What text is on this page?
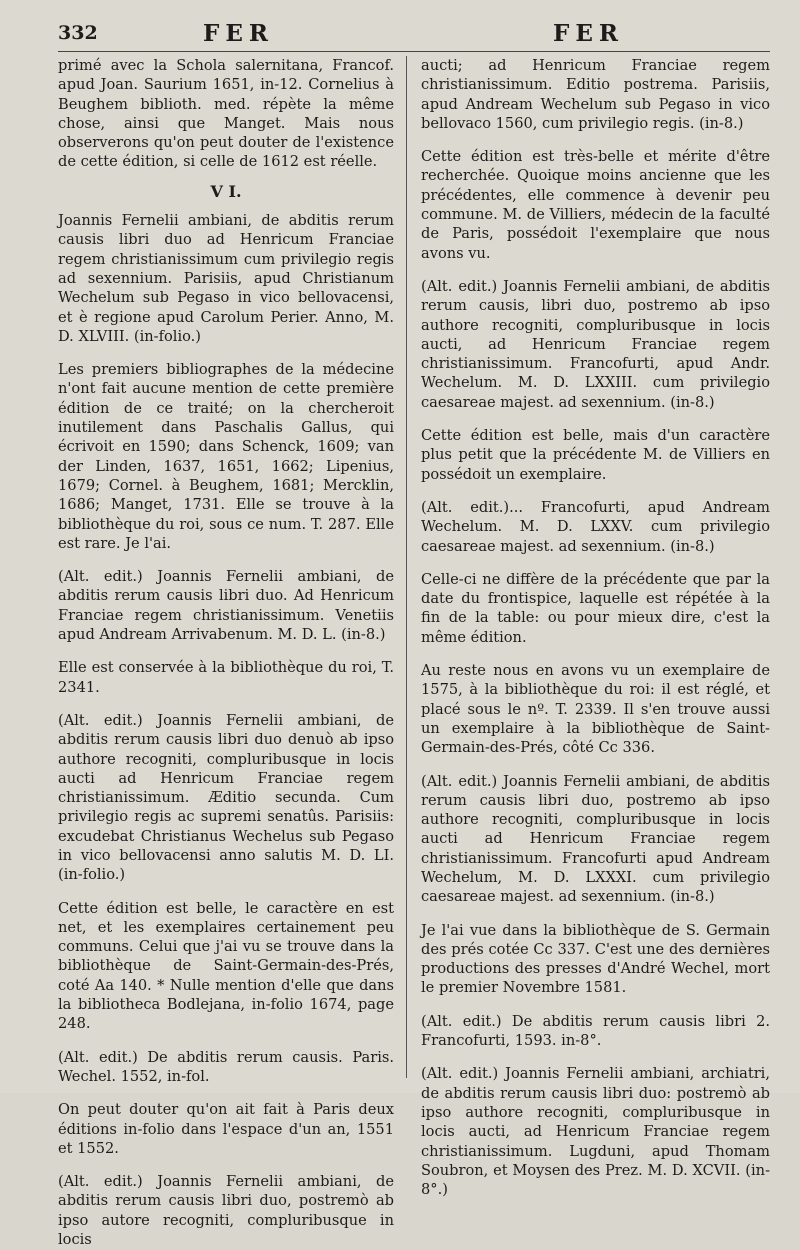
332	FER	FER

primé avec la Schola salernitana, Francof. apud Joan. Saurium 1651, in-12. Cornelius à Beughem biblioth. med. répète la même chose, ainsi que Manget. Mais nous observerons qu'on peut douter de l'existence de cette édition, si celle de 1612 est réelle.

V I.

Joannis Fernelii ambiani, de abditis rerum causis libri duo ad Henricum Franciae regem christianissimum cum privilegio regis ad sexennium. Parisiis, apud Christianum Wechelum sub Pegaso in vico bellovacensi, et è regione apud Carolum Perier. Anno, M. D. XLVIII. (in-folio.)

Les premiers bibliographes de la médecine n'ont fait aucune mention de cette première édition de ce traité; on la chercheroit inutilement dans Paschalis Gallus, qui écrivoit en 1590; dans Schenck, 1609; van der Linden, 1637, 1651, 1662; Lipenius, 1679; Cornel. à Beughem, 1681; Mercklin, 1686; Manget, 1731. Elle se trouve à la bibliothèque du roi, sous ce num. T. 287. Elle est rare. Je l'ai.

(Alt. edit.) Joannis Fernelii ambiani, de abditis rerum causis libri duo. Ad Henricum Franciae regem christianissimum. Venetiis apud Andream Arrivabenum. M. D. L. (in-8.)

Elle est conservée à la bibliothèque du roi, T. 2341.

(Alt. edit.) Joannis Fernelii ambiani, de abditis rerum causis libri duo denuò ab ipso authore recogniti, compluribusque in locis aucti ad Henricum Franciae regem christianissimum. Æditio secunda. Cum privilegio regis ac supremi senatûs. Parisiis: excudebat Christianus Wechelus sub Pegaso in vico bellovacensi anno salutis M. D. LI. (in-folio.)

Cette édition est belle, le caractère en est net, et les exemplaires certainement peu communs. Celui que j'ai vu se trouve dans la bibliothèque de Saint-Germain-des-Prés, coté Aa 140. * Nulle mention d'elle que dans la bibliotheca Bodlejana, in-folio 1674, page 248.

(Alt. edit.) De abditis rerum causis. Paris. Wechel. 1552, in-fol.

On peut douter qu'on ait fait à Paris deux éditions in-folio dans l'espace d'un an, 1551 et 1552.

(Alt. edit.) Joannis Fernelii ambiani, de abditis rerum causis libri duo, postremò ab ipso autore recogniti, compluribusque in locis

aucti; ad Henricum Franciae regem christianissimum. Editio postrema. Parisiis, apud Andream Wechelum sub Pegaso in vico bellovaco 1560, cum privilegio regis. (in-8.)

Cette édition est très-belle et mérite d'être recherchée. Quoique moins ancienne que les précédentes, elle commence à devenir peu commune. M. de Villiers, médecin de la faculté de Paris, possédoit l'exemplaire que nous avons vu.

(Alt. edit.) Joannis Fernelii ambiani, de abditis rerum causis, libri duo, postremo ab ipso authore recogniti, compluribusque in locis aucti, ad Henricum Franciae regem christianissimum. Francofurti, apud Andr. Wechelum. M. D. LXXIII. cum privilegio caesareae majest. ad sexennium. (in-8.)

Cette édition est belle, mais d'un caractère plus petit que la précédente M. de Villiers en possédoit un exemplaire.

(Alt. edit.)... Francofurti, apud Andream Wechelum. M. D. LXXV. cum privilegio caesareae majest. ad sexennium. (in-8.)

Celle-ci ne diffère de la précédente que par la date du frontispice, laquelle est répétée à la fin de la table: ou pour mieux dire, c'est la même édition.

Au reste nous en avons vu un exemplaire de 1575, à la bibliothèque du roi: il est réglé, et placé sous le nº. T. 2339. Il s'en trouve aussi un exemplaire à la bibliothèque de Saint-Germain-des-Prés, côté Cc 336.

(Alt. edit.) Joannis Fernelii ambiani, de abditis rerum causis libri duo, postremo ab ipso authore recogniti, compluribusque in locis aucti ad Henricum Franciae regem christianissimum. Francofurti apud Andream Wechelum, M. D. LXXXI. cum privilegio caesareae majest. ad sexennium. (in-8.)

Je l'ai vue dans la bibliothèque de S. Germain des prés cotée Cc 337. C'est une des dernières productions des presses d'André Wechel, mort le premier Novembre 1581.

(Alt. edit.) De abditis rerum causis libri 2. Francofurti, 1593. in-8°.

(Alt. edit.) Joannis Fernelii ambiani, archiatri, de abditis rerum causis libri duo: postremò ab ipso authore recogniti, compluribusque in locis aucti, ad Henricum Franciae regem christianissimum. Lugduni, apud Thomam Soubron, et Moysen des Prez. M. D. XCVII. (in-8°.)
